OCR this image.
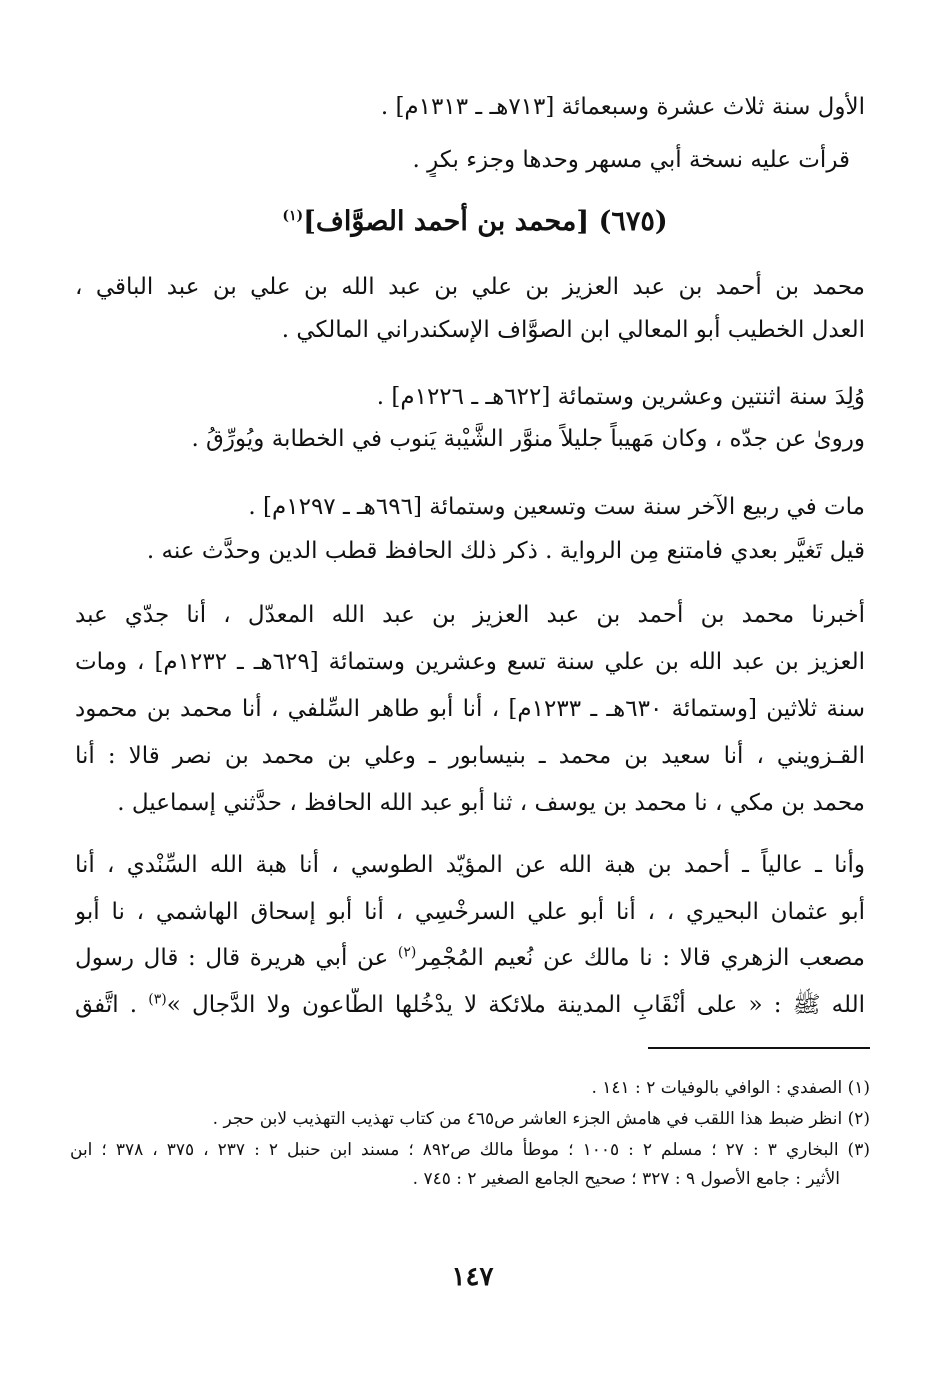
الأول سنة ثلاث عشرة وسبعمائة [٧١٣هـ ـ ١٣١٣م] .
قرأت عليه نسخة أبي مسهر وحدها وجزء بكرٍ .
(٦٧٥) [محمد بن أحمد الصوَّاف]$^{(١)}$
محمد بن أحمد بن عبد العزيز بن علي بن عبد الله بن علي بن عبد الباقي ،
العدل الخطيب أبو المعالي ابن الصوَّاف الإسكندراني المالكي .
وُلِدَ سنة اثنتين وعشرين وستمائة [٦٢٢هـ ـ ١٢٢٦م] .
وروىٰ عن جدّه ، وكان مَهيباً جليلاً منوَّر الشَّيْبة يَنوب في الخطابة ويُورِّقُ .
مات في ربيع الآخر سنة ست وتسعين وستمائة [٦٩٦هـ ـ ١٢٩٧م] .
قيل تَغيَّر بعدي فامتنع مِن الرواية . ذكر ذلك الحافظ قطب الدين وحدَّث عنه .
أخبرنا محمد بن أحمد بن عبد العزيز بن عبد الله المعدّل ، أنا جدّي عبد
العزيز بن عبد الله بن علي سنة تسع وعشرين وستمائة [٦٢٩هـ ـ ١٢٣٢م] ، ومات
سنة ثلاثين [وستمائة ٦٣٠هـ ـ ١٢٣٣م] ، أنا أبو طاهر السِّلفي ، أنا محمد بن محمود
القـزويني ، أنا سعيد بن محمد ـ بنيسابور ـ وعلي بن محمد بن نصر قالا : أنا
محمد بن مكي ، نا محمد بن يوسف ، ثنا أبو عبد الله الحافظ ، حدَّثني إسماعيل .
وأنا ـ عالياً ـ أحمد بن هبة الله عن المؤيّد الطوسي ، أنا هبة الله السِّنْدي ، أنا
أبو عثمان البحيري ، ، أنا أبو علي السرخْسِي ، أنا أبو إسحاق الهاشمي ، نا أبو
مصعب الزهري قالا : نا مالك عن نُعيم المُجْمِر$^{(٢)}$ عن أبي هريرة قال : قال رسول
الله ﷺ : « على أنْقَابِ المدينة ملائكة لا يدْخُلها الطَّاعون ولا الدَّجال »$^{(٣)}$ . اتَّفق
(١) الصفدي : الوافي بالوفيات ٢ : ١٤١ .
(٢) انظر ضبط هذا اللقب في هامش الجزء العاشر ص٤٦٥ من كتاب تهذيب التهذيب لابن حجر .
(٣) البخاري ٣ : ٢٧ ؛ مسلم ٢ : ١٠٠٥ ؛ موطأ مالك ص٨٩٢ ؛ مسند ابن حنبل ٢ : ٢٣٧ ، ٣٧٥ ، ٣٧٨ ؛ ابن
الأثير : جامع الأصول ٩ : ٣٢٧ ؛ صحيح الجامع الصغير ٢ : ٧٤٥ .
١٤٧
